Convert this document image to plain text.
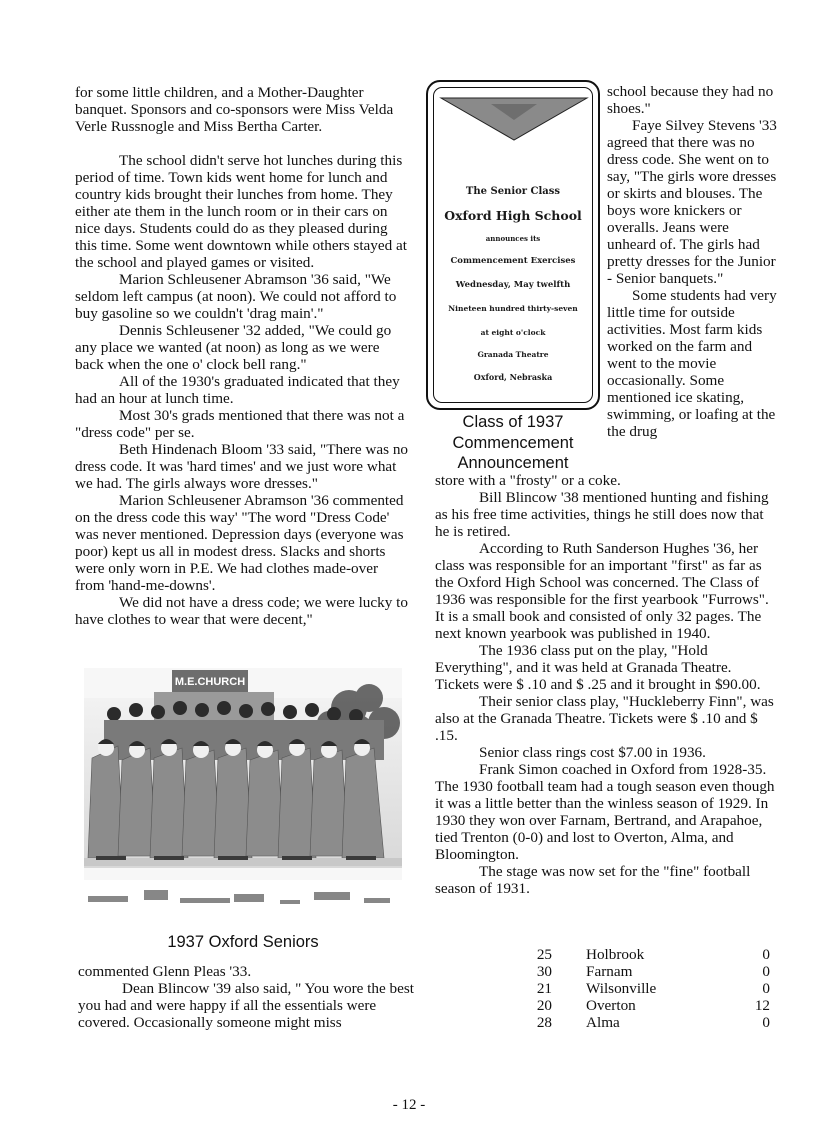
for some little children, and a Mother-Daughter banquet. Sponsors and co-sponsors were Miss Velda Verle Russnogle and Miss Bertha Carter.

The school didn't serve hot lunches during this period of time. Town kids went home for lunch and country kids brought their lunches from home. They either ate them in the lunch room or in their cars on nice days. Students could do as they pleased during this time. Some went downtown while others stayed at the school and played games or visited.

Marion Schleusener Abramson '36 said, "We seldom left campus (at noon). We could not afford to buy gasoline so we couldn't 'drag main'."

Dennis Schleusener '32 added, "We could go any place we wanted (at noon) as long as we were back when the one o' clock bell rang."

All of the 1930's graduated indicated that they had an hour at lunch time.

Most 30's grads mentioned that there was not a "dress code" per se.

Beth Hindenach Bloom '33 said, "There was no dress code. It was 'hard times' and we just wore what we had. The girls always wore dresses."

Marion Schleusener Abramson '36 commented on the dress code this way' "The word "Dress Code' was never mentioned. Depression days (everyone was poor) kept us all in modest dress. Slacks and shorts were only worn in P.E. We had clothes made-over from 'hand-me-downs'.

We did not have a dress code; we were lucky to have clothes to wear that were decent,"

M.E.CHURCH
1937 Oxford Seniors

commented Glenn Pleas '33.

Dean Blincow '39 also said, " You wore the best you had and were happy if all the essentials were covered. Occasionally someone might miss

The Senior Class
Oxford High School
announces its
Commencement Exercises
Wednesday, May twelfth
Nineteen hundred thirty-seven
at eight o'clock
Granada Theatre
Oxford, Nebraska
Class of 1937
Commencement
Announcement

school because they had no shoes."

Faye Silvey Stevens '33 agreed that there was no dress code. She went on to say, "The girls wore dresses or skirts and blouses. The boys wore knickers or overalls. Jeans were unheard of. The girls had pretty dresses for the Junior - Senior banquets."

Some students had very little time for outside activities. Most farm kids worked on the farm and went to the movie occasionally. Some mentioned ice skating, swimming, or loafing at the the drug

store with a "frosty" or a coke.

Bill Blincow '38 mentioned hunting and fishing as his free time activities, things he still does now that he is retired.

According to Ruth Sanderson Hughes '36, her class was responsible for an important "first" as far as the Oxford High School was concerned. The Class of 1936 was responsible for the first yearbook "Furrows". It is a small book and consisted of only 32 pages. The next known yearbook was published in 1940.

The 1936 class put on the play, "Hold Everything", and it was held at Granada Theatre. Tickets were $ .10 and $ .25 and it brought in $90.00.

Their senior class play, "Huckleberry Finn", was also at the Granada Theatre. Tickets were $ .10 and $ .15.

Senior class rings cost $7.00 in 1936.

Frank Simon coached in Oxford from 1928-35. The 1930 football team had a tough season even though it was a little better than the winless season of 1929. In 1930 they won over Farnam, Bertrand, and Arapahoe, tied Trenton (0-0) and lost to Overton, Alma, and Bloomington.

The stage was now set for the "fine" football season of 1931.

25	Holbrook	0
30	Farnam	0
21	Wilsonville	0
20	Overton	12
28	Alma	0
- 12 -
